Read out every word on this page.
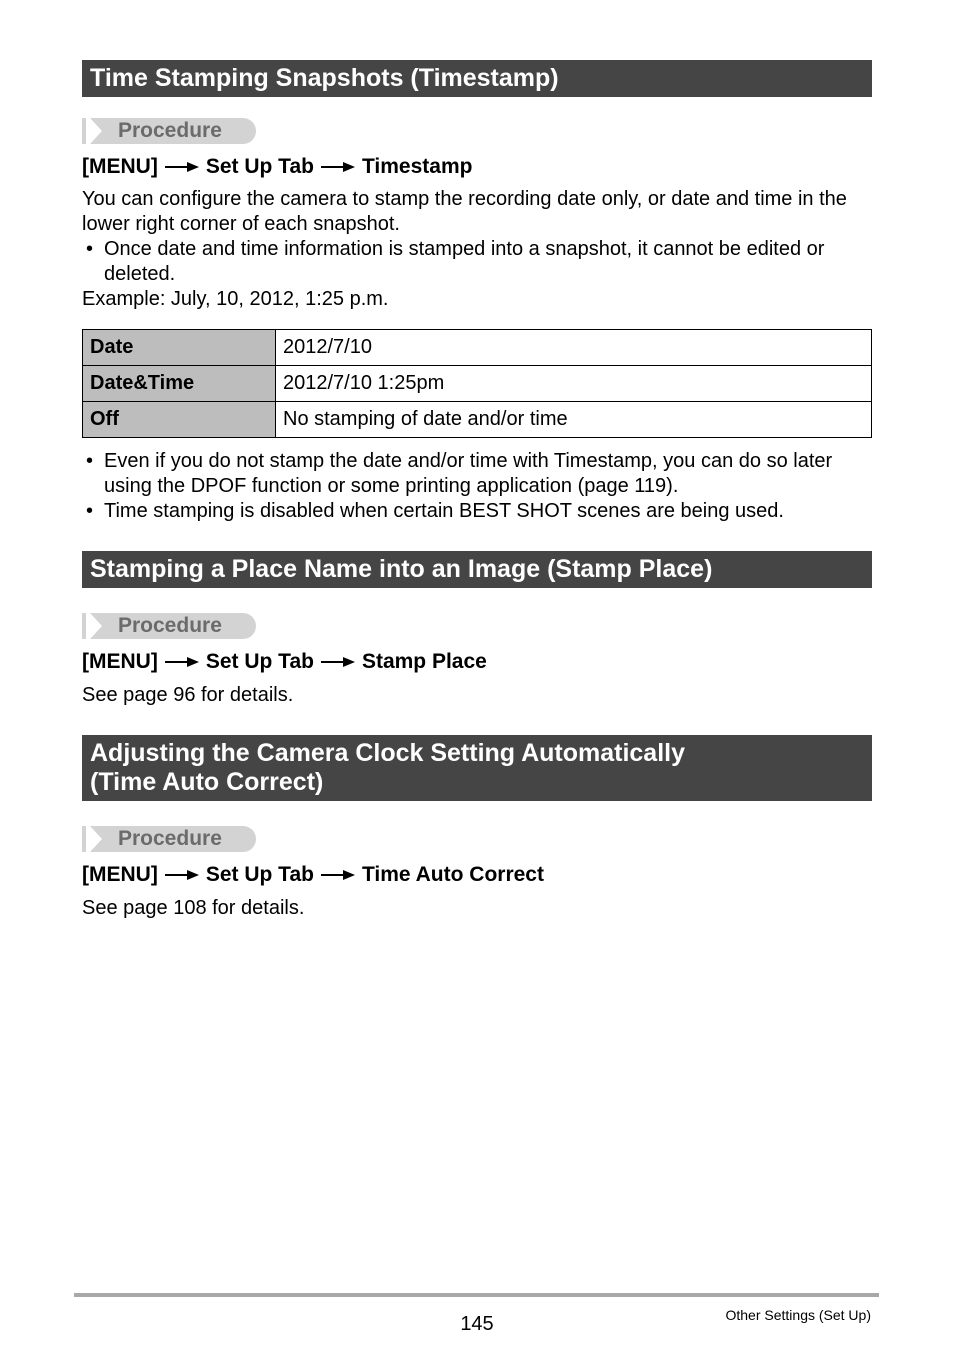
Time Stamping Snapshots (Timestamp)
Procedure
[MENU] Set Up Tab Timestamp
You can configure the camera to stamp the recording date only, or date and time in the lower right corner of each snapshot.
• Once date and time information is stamped into a snapshot, it cannot be edited or deleted.
Example: July, 10, 2012, 1:25 p.m.
Date	2012/7/10
Date&Time	2012/7/10 1:25pm
Off	No stamping of date and/or time
• Even if you do not stamp the date and/or time with Timestamp, you can do so later using the DPOF function or some printing application (page 119).
• Time stamping is disabled when certain BEST SHOT scenes are being used.
Stamping a Place Name into an Image (Stamp Place)
Procedure
[MENU] Set Up Tab Stamp Place
See page 96 for details.
Adjusting the Camera Clock Setting Automatically
(Time Auto Correct)
Procedure
[MENU] Set Up Tab Time Auto Correct
See page 108 for details.
145	Other Settings (Set Up)
